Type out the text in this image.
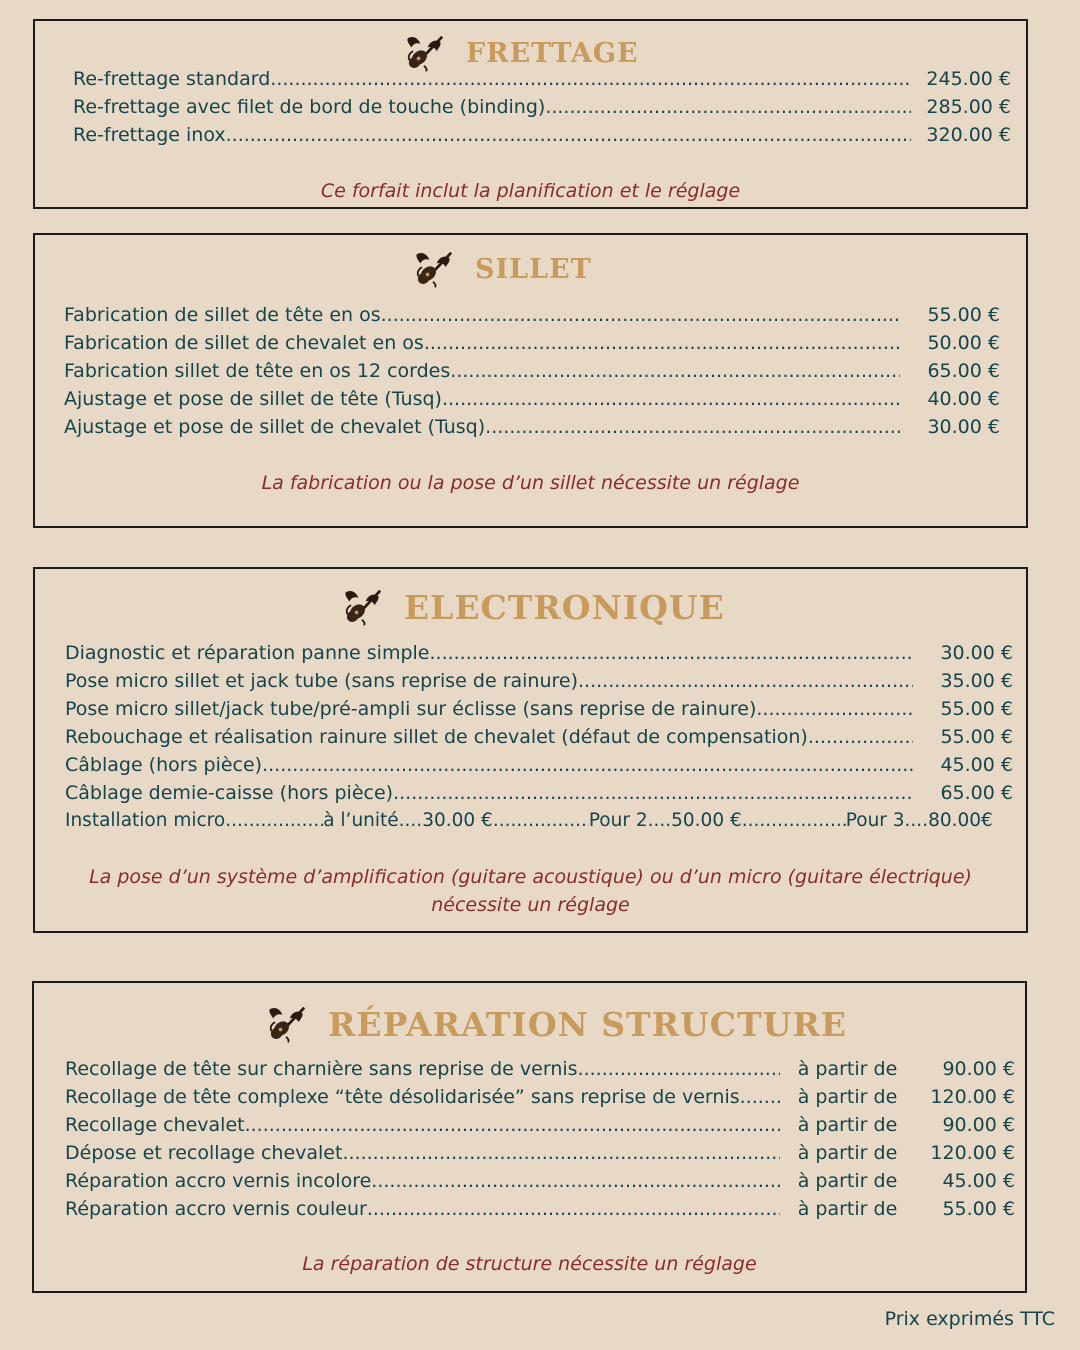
FRETTAGE
Re-frettage standard .....	245.00 €
Re-frettage avec filet de bord de touche (binding) .....	285.00 €
Re-frettage inox .....	320.00 €
Ce forfait inclut la planification et le réglage
SILLET
Fabrication de sillet de tête en os .....	55.00 €
Fabrication de sillet de chevalet en os .....	50.00 €
Fabrication sillet de tête en os 12 cordes .....	65.00 €
Ajustage et pose de sillet de tête (Tusq) .....	40.00 €
Ajustage et pose de sillet de chevalet (Tusq) .....	30.00 €
La fabrication ou la pose d’un sillet nécessite un réglage
ELECTRONIQUE
Diagnostic et réparation panne simple .....	30.00 €
Pose micro sillet et jack tube (sans reprise de rainure) .....	35.00 €
Pose micro sillet/jack tube/pré-ampli sur éclisse (sans reprise de rainure) .....	55.00 €
Rebouchage et réalisation rainure sillet de chevalet (défaut de compensation) .....	55.00 €
Câblage (hors pièce) .....	45.00 €
Câblage demie-caisse (hors pièce) .....	65.00 €
Installation micro .....	à l’unité....30.00 € .....	Pour 2....50.00 € .....	Pour 3....80.00€
La pose d’un système d’amplification (guitare acoustique) ou d’un micro (guitare électrique)
nécessite un réglage
RÉPARATION STRUCTURE
Recollage de tête sur charnière sans reprise de vernis .....	à partir de	90.00 €
Recollage de tête complexe “tête désolidarisée” sans reprise de vernis .....	à partir de	120.00 €
Recollage chevalet .....	à partir de	90.00 €
Dépose et recollage chevalet .....	à partir de	120.00 €
Réparation accro vernis incolore .....	à partir de	45.00 €
Réparation accro vernis couleur .....	à partir de	55.00 €
La réparation de structure nécessite un réglage
Prix exprimés TTC
